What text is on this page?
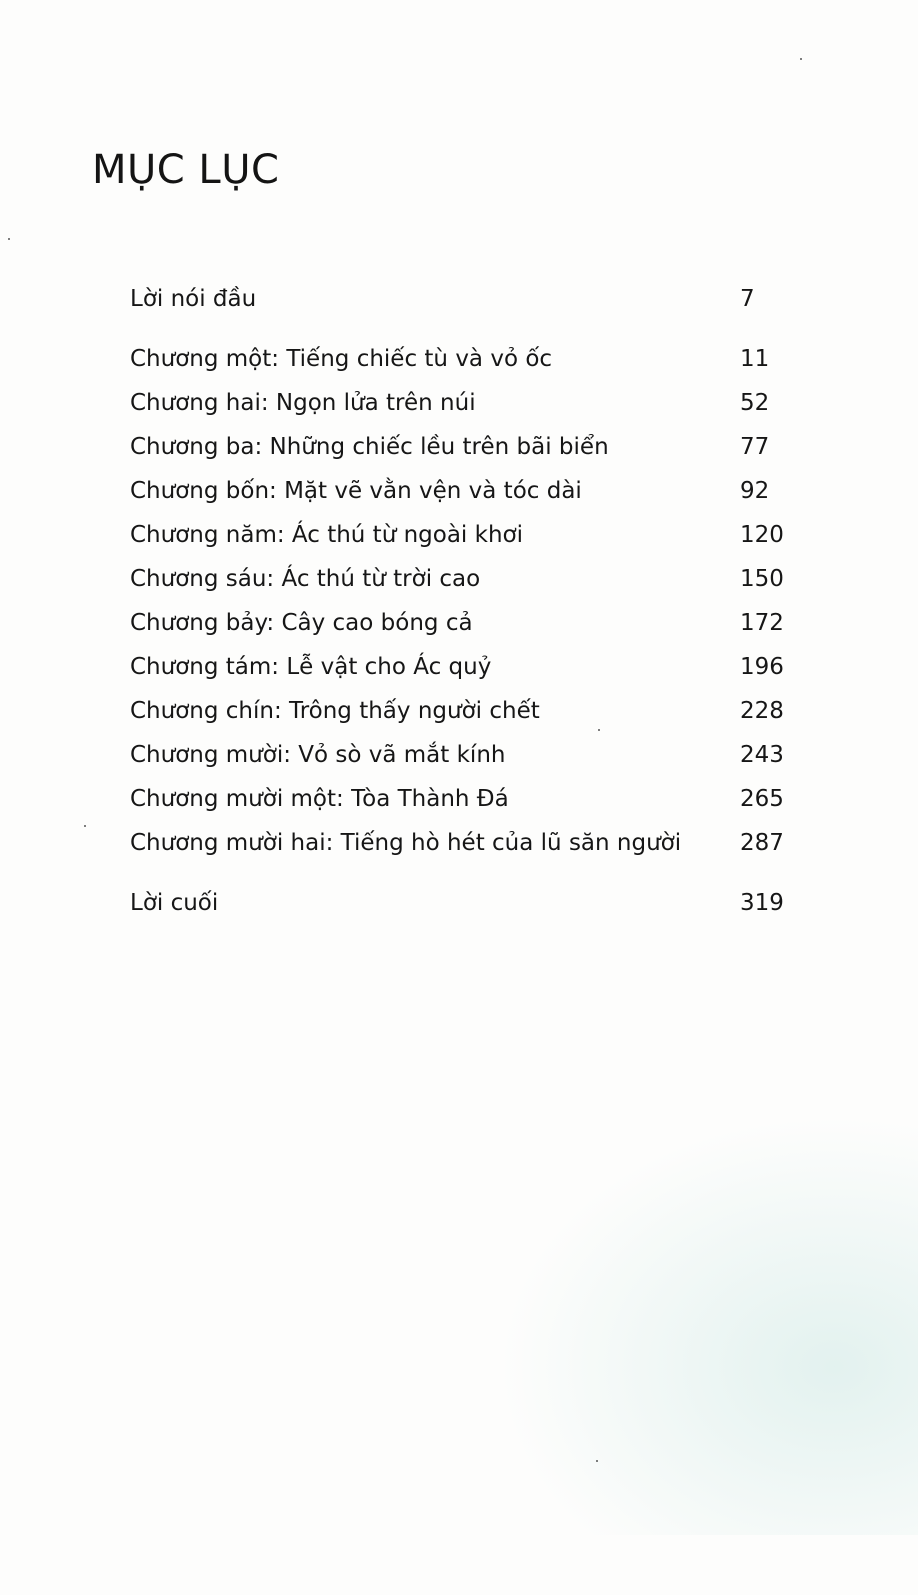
MỤC LỤC
Lời nói đầu	7
Chương một: Tiếng chiếc tù và vỏ ốc	11
Chương hai: Ngọn lửa trên núi	52
Chương ba: Những chiếc lều trên bãi biển	77
Chương bốn: Mặt vẽ vằn vện và tóc dài	92
Chương năm: Ác thú từ ngoài khơi	120
Chương sáu: Ác thú từ trời cao	150
Chương bảy: Cây cao bóng cả	172
Chương tám: Lễ vật cho Ác quỷ	196
Chương chín: Trông thấy người chết	228
Chương mười: Vỏ sò vã mắt kính	243
Chương mười một: Tòa Thành Đá	265
Chương mười hai: Tiếng hò hét của lũ săn người	287
Lời cuối	319
